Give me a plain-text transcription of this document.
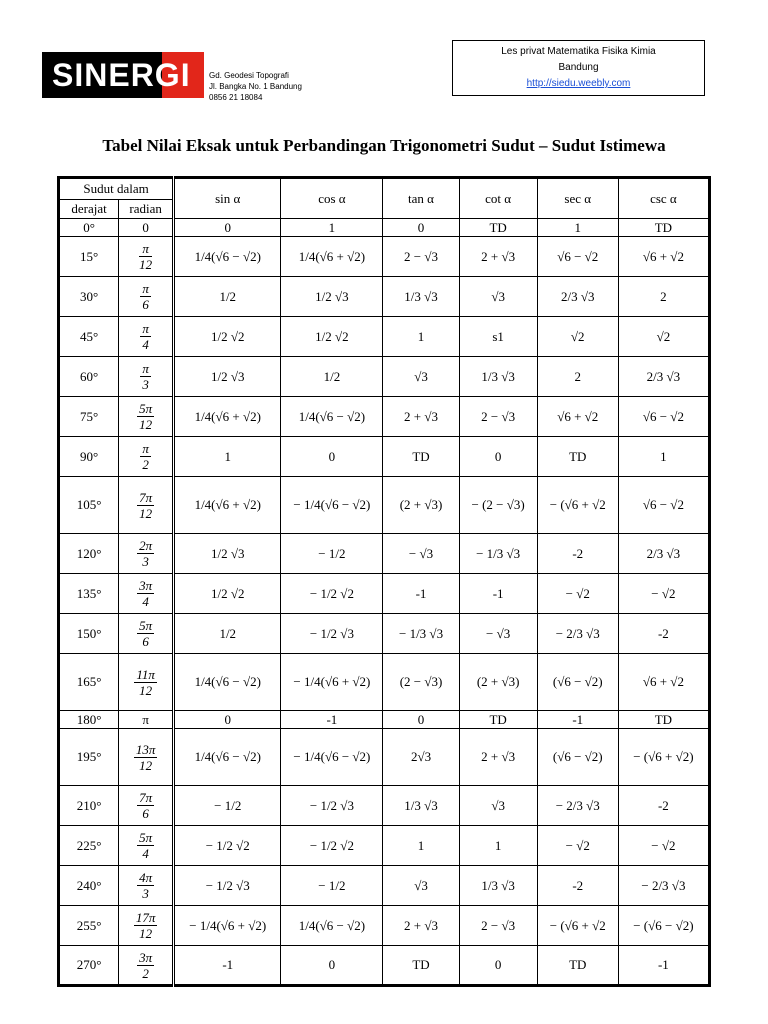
SINERGI Gd. Geodesi Topografi
Jl. Bangka No. 1 Bandung
0856 21 18084
Les privat Matematika Fisika Kimia
Bandung
http://siedu.weebly.com
Tabel Nilai Eksak untuk Perbandingan Trigonometri Sudut – Sudut Istimewa
Sudut dalam		sin α	cos α	tan α	cot α	sec α	csc α
derajat	radian						
0°	0	0	1	0	TD	1	TD
15°	$\frac{\pi}{12}$	1/4(√6 − √2)	1/4(√6 + √2)	2 − √3	2 + √3	√6 − √2	√6 + √2
30°	$\frac{\pi}{6}$	1/2	1/2 √3	1/3 √3	√3	2/3 √3	2
45°	$\frac{\pi}{4}$	1/2 √2	1/2 √2	1	s1	√2	√2
60°	$\frac{\pi}{3}$	1/2 √3	1/2	√3	1/3 √3	2	2/3 √3
75°	$\frac{5\pi}{12}$	1/4(√6 + √2)	1/4(√6 − √2)	2 + √3	2 − √3	√6 + √2	√6 − √2
90°	$\frac{\pi}{2}$	1	0	TD	0	TD	1
105°	$\frac{7\pi}{12}$	1/4(√6 + √2)	− 1/4(√6 − √2)	(2 + √3)	− (2 − √3)	− (√6 + √2	√6 − √2
120°	$\frac{2\pi}{3}$	1/2 √3	− 1/2	− √3	− 1/3 √3	-2	2/3 √3
135°	$\frac{3\pi}{4}$	1/2 √2	− 1/2 √2	-1	-1	− √2	− √2
150°	$\frac{5\pi}{6}$	1/2	− 1/2 √3	− 1/3 √3	− √3	− 2/3 √3	-2
165°	$\frac{11\pi}{12}$	1/4(√6 − √2)	− 1/4(√6 + √2)	(2 − √3)	(2 + √3)	(√6 − √2)	√6 + √2
180°	π	0	-1	0	TD	-1	TD
195°	$\frac{13\pi}{12}$	1/4(√6 − √2)	− 1/4(√6 − √2)	2√3	2 + √3	(√6 − √2)	− (√6 + √2)
210°	$\frac{7\pi}{6}$	− 1/2	− 1/2 √3	1/3 √3	√3	− 2/3 √3	-2
225°	$\frac{5\pi}{4}$	− 1/2 √2	− 1/2 √2	1	1	− √2	− √2
240°	$\frac{4\pi}{3}$	− 1/2 √3	− 1/2	√3	1/3 √3	-2	− 2/3 √3
255°	$\frac{17\pi}{12}$	− 1/4(√6 + √2)	1/4(√6 − √2)	2 + √3	2 − √3	− (√6 + √2	− (√6 − √2)
270°	$\frac{3\pi}{2}$	-1	0	TD	0	TD	-1
